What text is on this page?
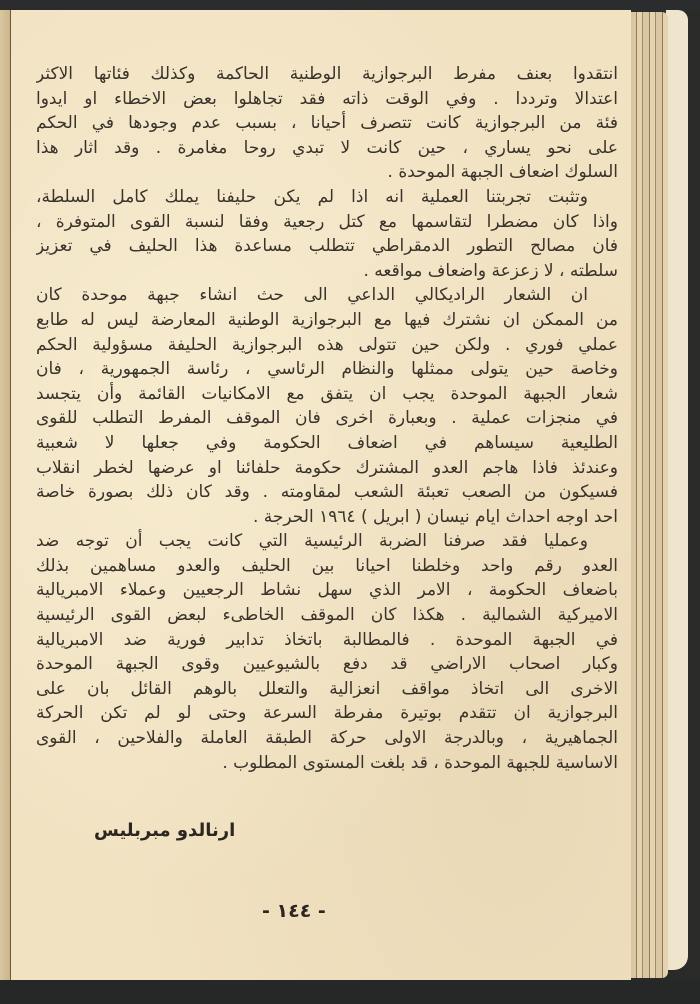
انتقدوا بعنف مفرط البرجوازية الوطنية الحاكمة وكذلك فئاتها الاكثر
اعتدالا وترددا . وفي الوقت ذاته فقد تجاهلوا بعض الاخطاء او ايدوا
فئة من البرجوازية كانت تتصرف أحيانا ، بسبب عدم وجودها في الحكم
على نحو يساري ، حين كانت لا تبدي روحا مغامرة . وقد اثار هذا
السلوك اضعاف الجبهة الموحدة .
وتثبت تجربتنا العملية انه اذا لم يكن حليفنا يملك كامل السلطة،
واذا كان مضطرا لتقاسمها مع كتل رجعية وفقا لنسبة القوى المتوفرة ،
فان مصالح التطور الدمقراطي تتطلب مساعدة هذا الحليف في تعزيز
سلطته ، لا زعزعة واضعاف مواقعه .
ان الشعار الراديكالي الداعي الى حث انشاء جبهة موحدة كان
من الممكن ان نشترك فيها مع البرجوازية الوطنية المعارضة ليس له طابع
عملي فوري . ولكن حين تتولى هذه البرجوازية الحليفة مسؤولية الحكم
وخاصة حين يتولى ممثلها والنظام الرئاسي ، رئاسة الجمهورية ، فان
شعار الجبهة الموحدة يجب ان يتفق مع الامكانيات القائمة وأن يتجسد
في منجزات عملية . وبعبارة اخرى فان الموقف المفرط التطلب للقوى
الطليعية سيساهم في اضعاف الحكومة وفي جعلها لا شعبية
وعندئذ فاذا هاجم العدو المشترك حكومة حلفائنا او عرضها لخطر انقلاب
فسيكون من الصعب تعبئة الشعب لمقاومته . وقد كان ذلك بصورة خاصة
احد اوجه احداث ايام نيسان ( ابريل ) ١٩٦٤ الحرجة .
وعمليا فقد صرفنا الضربة الرئيسية التي كانت يجب أن توجه ضد
العدو رقم واحد وخلطنا احيانا بين الحليف والعدو مساهمين بذلك
باضعاف الحكومة ، الامر الذي سهل نشاط الرجعيين وعملاء الامبريالية
الاميركية الشمالية . هكذا كان الموقف الخاطىء لبعض القوى الرئيسية
في الجبهة الموحدة . فالمطالبة باتخاذ تدابير فورية ضد الامبريالية
وكبار اصحاب الاراضي قد دفع بالشيوعيين وقوى الجبهة الموحدة
الاخرى الى اتخاذ مواقف انعزالية والتعلل بالوهم القائل بان على
البرجوازية ان تتقدم بوتيرة مفرطة السرعة وحتى لو لم تكن الحركة
الجماهيرية ، وبالدرجة الاولى حركة الطبقة العاملة والفلاحين ، القوى
الاساسية للجبهة الموحدة ، قد بلغت المستوى المطلوب .
ارنالدو مبربليس
- ١٤٤ -
